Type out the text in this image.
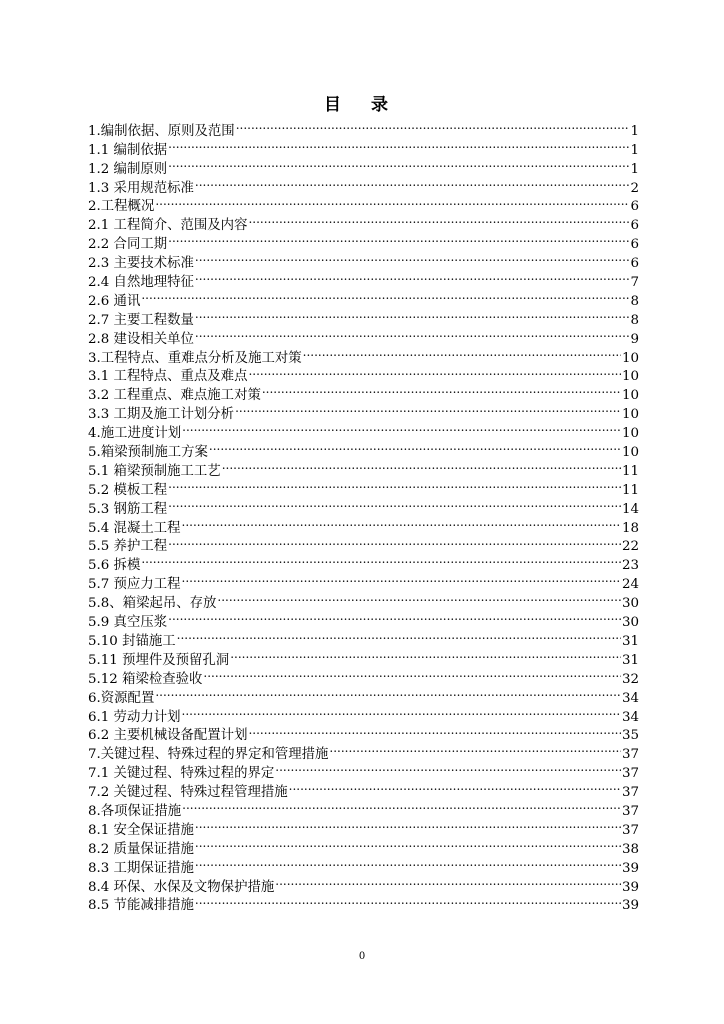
目 录
1.编制依据、原则及范围 .....	1
1.1 编制依据 .....	1
1.2 编制原则 .....	1
1.3 采用规范标准 .....	2
2.工程概况 .....	6
2.1 工程简介、范围及内容 .....	6
2.2 合同工期 .....	6
2.3 主要技术标准 .....	6
2.4 自然地理特征 .....	7
2.6 通讯 .....	8
2.7 主要工程数量 .....	8
2.8 建设相关单位 .....	9
3.工程特点、重难点分析及施工对策 .....	10
3.1 工程特点、重点及难点 .....	10
3.2 工程重点、难点施工对策 .....	10
3.3 工期及施工计划分析 .....	10
4.施工进度计划 .....	10
5.箱梁预制施工方案 .....	10
5.1 箱梁预制施工工艺 .....	11
5.2 模板工程 .....	11
5.3 钢筋工程 .....	14
5.4 混凝土工程 .....	18
5.5 养护工程 .....	22
5.6 拆模 .....	23
5.7 预应力工程 .....	24
5.8、箱梁起吊、存放 .....	30
5.9 真空压浆 .....	30
5.10 封锚施工 .....	31
5.11 预埋件及预留孔洞 .....	31
5.12 箱梁检查验收 .....	32
6.资源配置 .....	34
6.1 劳动力计划 .....	34
6.2 主要机械设备配置计划 .....	35
7.关键过程、特殊过程的界定和管理措施 .....	37
7.1 关键过程、特殊过程的界定 .....	37
7.2 关键过程、特殊过程管理措施 .....	37
8.各项保证措施 .....	37
8.1 安全保证措施 .....	37
8.2 质量保证措施 .....	38
8.3 工期保证措施 .....	39
8.4 环保、水保及文物保护措施 .....	39
8.5 节能减排措施 .....	39
0
